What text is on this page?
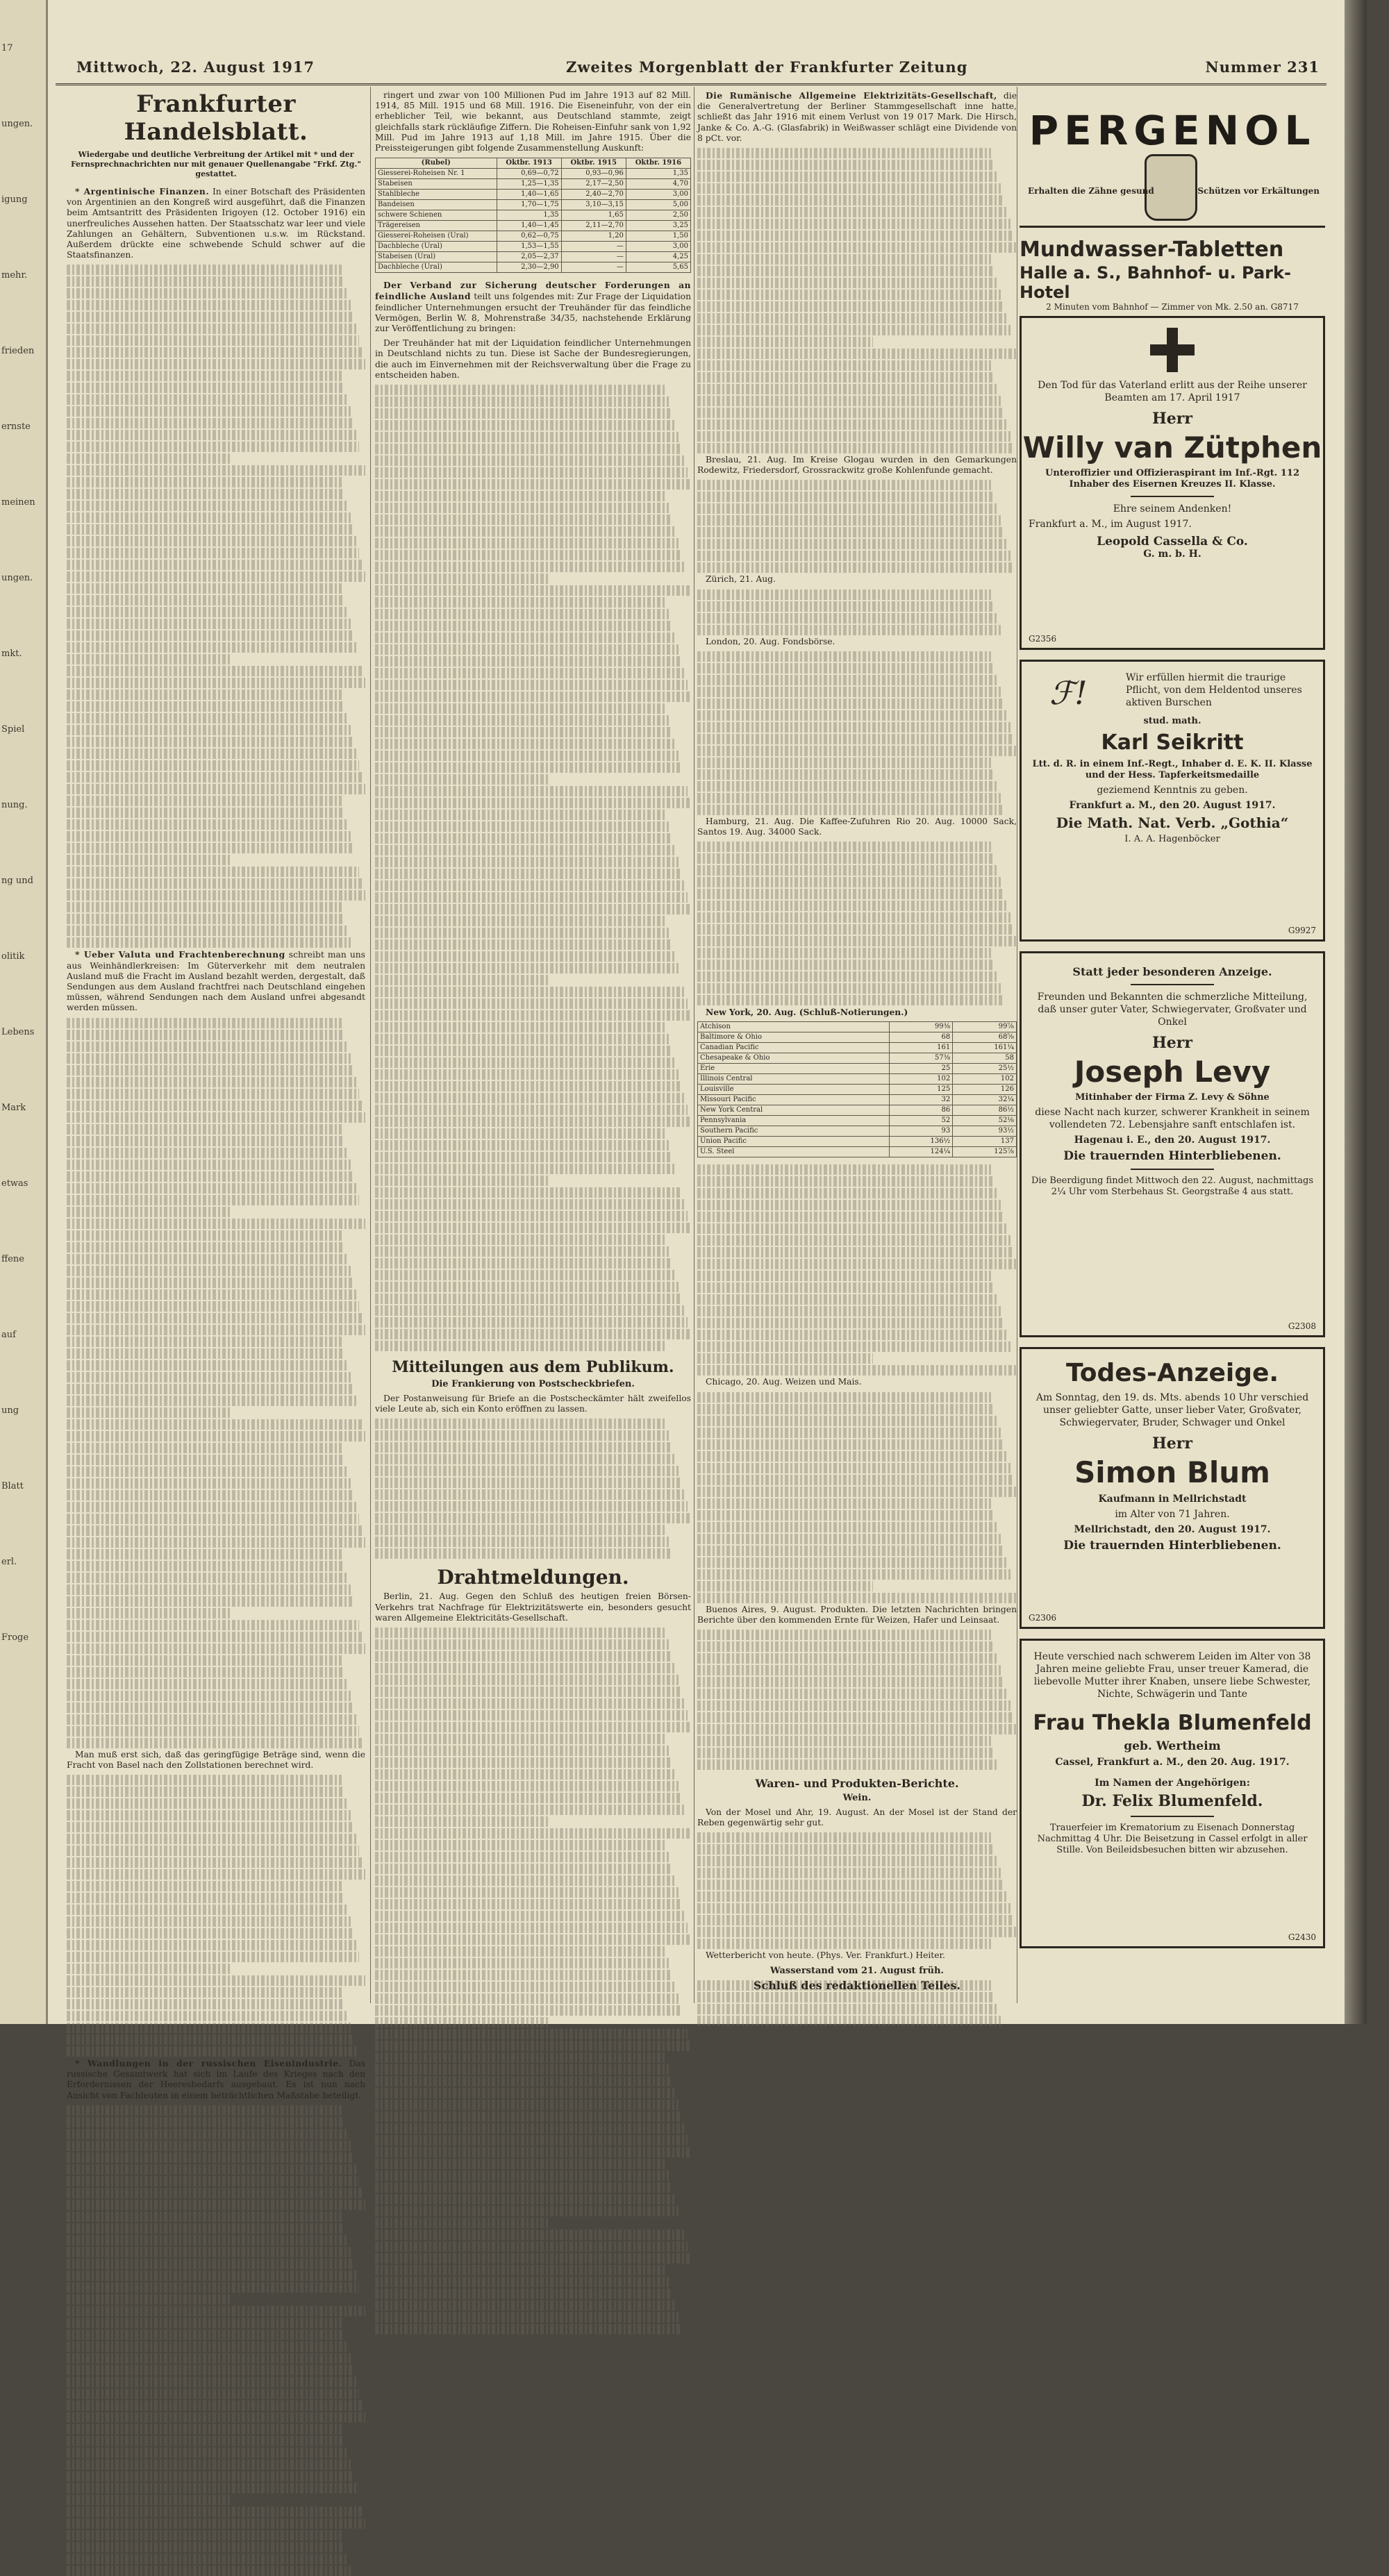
17
ungen.
igung
mehr.
frieden
ernste
meinen
ungen.
mkt.
Spiel
nung.
ng und
olitik
Lebens
Mark
etwas
ffene
auf
ung
Blatt
erl.
Froge
Mittwoch, 22. August 1917	Zweites Morgenblatt der Frankfurter Zeitung	Nummer 231
Frankfurter Handelsblatt.

Wiedergabe und deutliche Verbreitung der Artikel mit * und der Fernsprechnachrichten nur mit genauer Quellenangabe "Frkf. Ztg." gestattet.

* Argentinische Finanzen. In einer Botschaft des Präsidenten von Argentinien an den Kongreß wird ausgeführt, daß die Finanzen beim Amtsantritt des Präsidenten Irigoyen (12. October 1916) ein unerfreuliches Aussehen hatten. Der Staatsschatz war leer und viele Zahlungen an Gehältern, Subventionen u.s.w. im Rückstand. Außerdem drückte eine schwebende Schuld schwer auf die Staatsfinanzen.

* Ueber Valuta und Frachtenberechnung schreibt man uns aus Weinhändlerkreisen: Im Güterverkehr mit dem neutralen Ausland muß die Fracht im Ausland bezahlt werden, dergestalt, daß Sendungen aus dem Ausland frachtfrei nach Deutschland eingehen müssen, während Sendungen nach dem Ausland unfrei abgesandt werden müssen.

Man muß erst sich, daß das geringfügige Beträge sind, wenn die Fracht von Basel nach den Zollstationen berechnet wird.

* Wandlungen in der russischen Eisenindustrie. Das russische Gesamtwerk hat sich im Laufe des Krieges nach den Erfordernissen der Heeresbedarfs ausgebaut. Es ist nun nach Ansicht von Fachleuten in einem beträchtlichen Maßstabe beteiligt.

ringert und zwar von 100 Millionen Pud im Jahre 1913 auf 82 Mill. 1914, 85 Mill. 1915 und 68 Mill. 1916. Die Eiseneinfuhr, von der ein erheblicher Teil, wie bekannt, aus Deutschland stammte, zeigt gleichfalls stark rückläufige Ziffern. Die Roheisen-Einfuhr sank von 1,92 Mill. Pud im Jahre 1913 auf 1,18 Mill. im Jahre 1915. Über die Preissteigerungen gibt folgende Zusammenstellung Auskunft:

(Rubel)	Oktbr. 1913	Oktbr. 1915	Oktbr. 1916
Giesserei-Roheisen Nr. 1	0,69—0,72	0,93—0,96	1,35
Stabeisen	1,25—1,35	2,17—2,50	4,70
Stahlbleche	1,40—1,65	2,40—2,70	3,00
Bandeisen	1,70—1,75	3,10—3,15	5,00
schwere Schienen	1,35	1,65	2,50
Trägereisen	1,40—1,45	2,11—2,70	3,25
Giesserei-Roheisen (Ural)	0,62—0,75	1,20	1,50
Dachbleche (Ural)	1,53—1,55	—	3,00
Stabeisen (Ural)	2,05—2,37	—	4,25
Dachbleche (Ural)	2,30—2,90	—	5,65

Der Verband zur Sicherung deutscher Forderungen an feindliche Ausland teilt uns folgendes mit: Zur Frage der Liquidation feindlicher Unternehmungen ersucht der Treuhänder für das feindliche Vermögen, Berlin W. 8, Mohrenstraße 34/35, nachstehende Erklärung zur Veröffentlichung zu bringen:

Der Treuhänder hat mit der Liquidation feindlicher Unternehmungen in Deutschland nichts zu tun. Diese ist Sache der Bundesregierungen, die auch im Einvernehmen mit der Reichsverwaltung über die Frage zu entscheiden haben.

Mitteilungen aus dem Publikum.
Die Frankierung von Postscheckbriefen.

Der Postanweisung für Briefe an die Postscheckämter hält zweifellos viele Leute ab, sich ein Konto eröffnen zu lassen.

Drahtmeldungen.

Berlin, 21. Aug. Gegen den Schluß des heutigen freien Börsen-Verkehrs trat Nachfrage für Elektrizitätswerte ein, besonders gesucht waren Allgemeine Elektricitäts-Gesellschaft.

Die Rumänische Allgemeine Elektrizitäts-Gesellschaft, die die Generalvertretung der Berliner Stammgesellschaft inne hatte, schließt das Jahr 1916 mit einem Verlust von 19 017 Mark. Die Hirsch, Janke & Co. A.-G. (Glasfabrik) in Weißwasser schlägt eine Dividende von 8 pCt. vor.

Breslau, 21. Aug. Im Kreise Glogau wurden in den Gemarkungen Rodewitz, Friedersdorf, Grossrackwitz große Kohlenfunde gemacht.

Zürich, 21. Aug.

London, 20. Aug. Fondsbörse.

Hamburg, 21. Aug. Die Kaffee-Zufuhren Rio 20. Aug. 10000 Sack, Santos 19. Aug. 34000 Sack.

New York, 20. Aug. (Schluß-Notierungen.)

Atchison	99⅜	99⅞
Baltimore & Ohio	68	68⅝
Canadian Pacific	161	161¼
Chesapeake & Ohio	57⅜	58
Erie	25	25½
Illinois Central	102	102
Louisville	125	126
Missouri Pacific	32	32¼
New York Central	86	86½
Pennsylvania	52	52⅛
Southern Pacific	93	93½
Union Pacific	136½	137
U.S. Steel	124¼	125⅞

Chicago, 20. Aug. Weizen und Mais.

Buenos Aires, 9. August. Produkten. Die letzten Nachrichten bringen Berichte über den kommenden Ernte für Weizen, Hafer und Leinsaat.

Waren- und Produkten-Berichte.
Wein.

Von der Mosel und Ahr, 19. August. An der Mosel ist der Stand der Reben gegenwärtig sehr gut.

Wetterbericht von heute. (Phys. Ver. Frankfurt.) Heiter.

Wasserstand vom 21. August früh.
Schluß des redaktionellen Teiles.
PERGENOL
Erhalten die Zähne gesund	Schützen vor Erkältungen
Mundwasser-Tabletten
Halle a. S., Bahnhof- u. Park-Hotel
2 Minuten vom Bahnhof — Zimmer von Mk. 2.50 an. G8717

Den Tod für das Vaterland erlitt aus der Reihe unserer Beamten am 17. April 1917

Herr
Willy van Zütphen

Unteroffizier und Offizieraspirant im Inf.-Rgt. 112 Inhaber des Eisernen Kreuzes II. Klasse.

Ehre seinem Andenken!

Frankfurt a. M., im August 1917.

Leopold Cassella & Co.
G. m. b. H.
G2356
ℱ!	Wir erfüllen hiermit die traurige Pflicht, von dem Heldentod unseres aktiven Burschen

stud. math.
Karl Seikritt

Ltt. d. R. in einem Inf.-Regt., Inhaber d. E. K. II. Klasse und der Hess. Tapferkeitsmedaille

geziemend Kenntnis zu geben.

Frankfurt a. M., den 20. August 1917.

Die Math. Nat. Verb. „Gothia“

I. A. A. Hagenböcker

G9927

Statt jeder besonderen Anzeige.

Freunden und Bekannten die schmerzliche Mitteilung, daß unser guter Vater, Schwiegervater, Großvater und Onkel

Herr
Joseph Levy

Mitinhaber der Firma Z. Levy & Söhne

diese Nacht nach kurzer, schwerer Krankheit in seinem vollendeten 72. Lebensjahre sanft entschlafen ist.

Hagenau i. E., den 20. August 1917.

Die trauernden Hinterbliebenen.

Die Beerdigung findet Mittwoch den 22. August, nachmittags 2¼ Uhr vom Sterbehaus St. Georgstraße 4 aus statt.

G2308
Todes-Anzeige.

Am Sonntag, den 19. ds. Mts. abends 10 Uhr verschied unser geliebter Gatte, unser lieber Vater, Großvater, Schwiegervater, Bruder, Schwager und Onkel

Herr
Simon Blum

Kaufmann in Mellrichstadt

im Alter von 71 Jahren.

Mellrichstadt, den 20. August 1917.

Die trauernden Hinterbliebenen.
G2306

Heute verschied nach schwerem Leiden im Alter von 38 Jahren meine geliebte Frau, unser treuer Kamerad, die liebevolle Mutter ihrer Knaben, unsere liebe Schwester, Nichte, Schwägerin und Tante

Frau Thekla Blumenfeld
geb. Wertheim

Cassel, Frankfurt a. M., den 20. Aug. 1917.

Im Namen der Angehörigen:

Dr. Felix Blumenfeld.

Trauerfeier im Krematorium zu Eisenach Donnerstag Nachmittag 4 Uhr. Die Beisetzung in Cassel erfolgt in aller Stille. Von Beileidsbesuchen bitten wir abzusehen.

G2430
